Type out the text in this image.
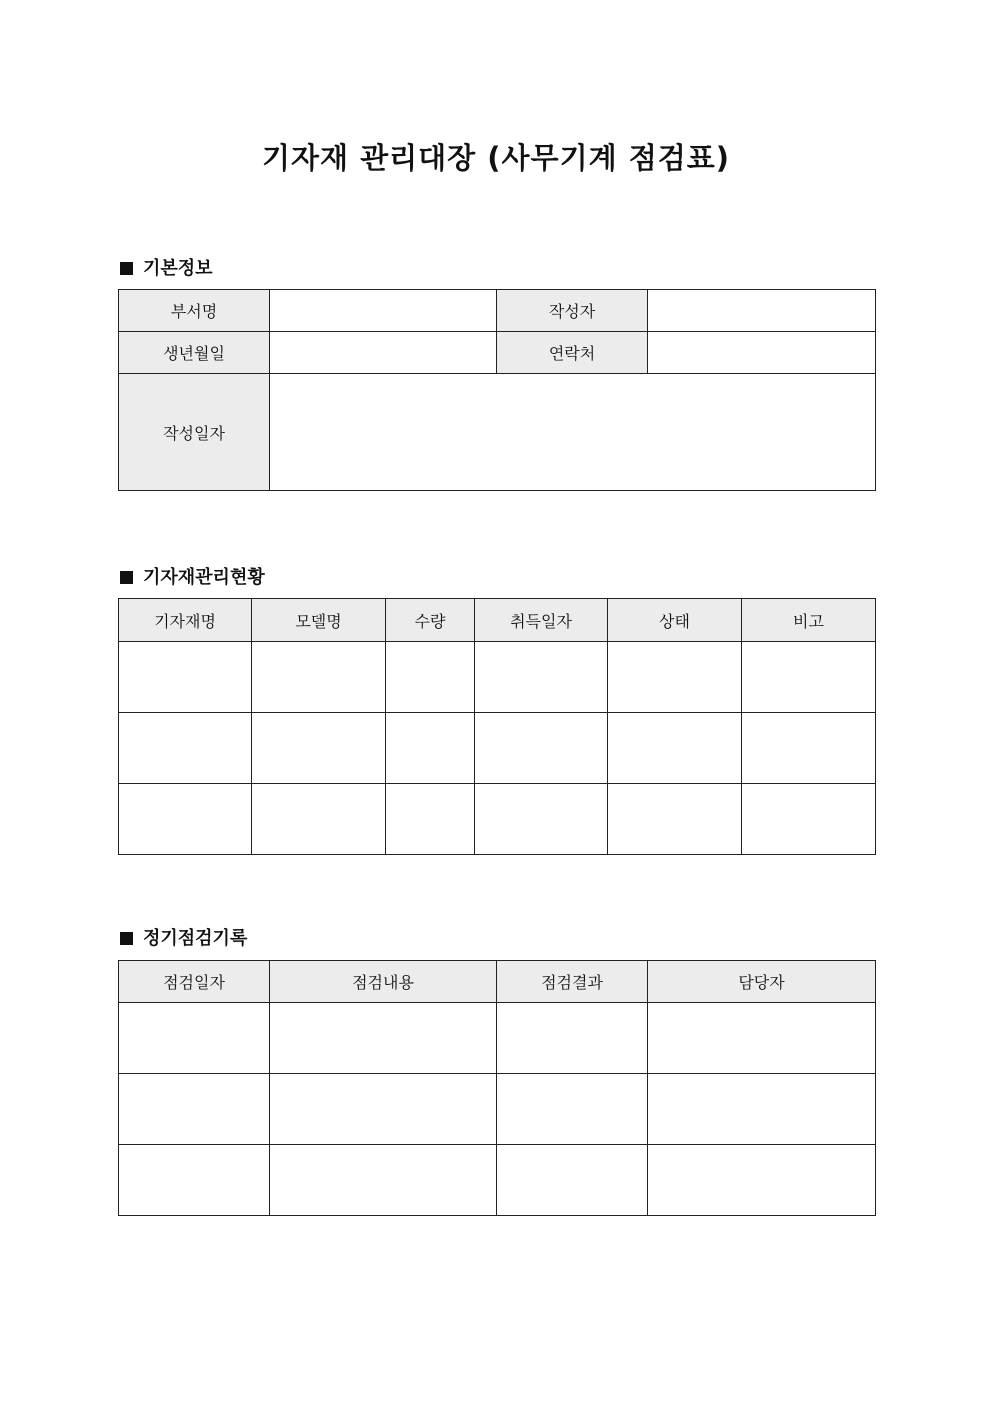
기자재 관리대장 (사무기계 점검표)
기본정보
부서명		작성자	
생년월일		연락처	
작성일자			
기자재관리현황
기자재명	모델명	수량	취득일자	상태	비고

정기점검기록
점검일자	점검내용	점검결과	담당자
